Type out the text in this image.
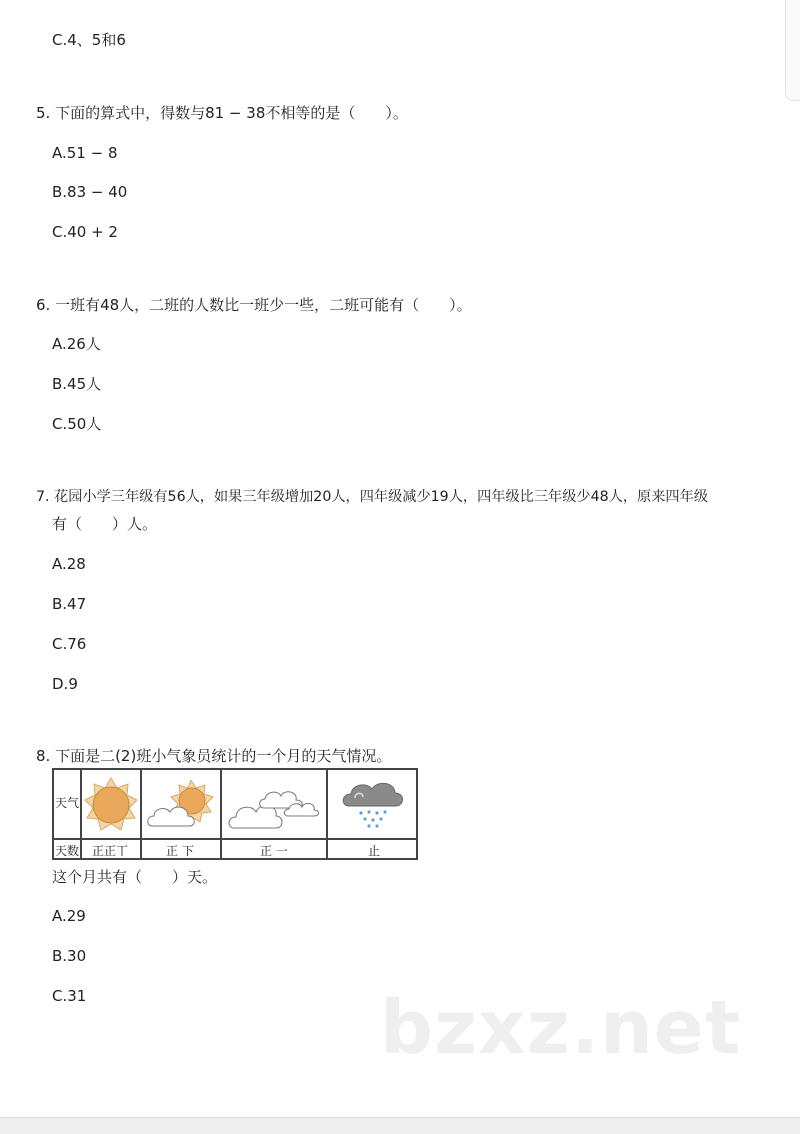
C.4、5和6
5. 下面的算式中，得数与81 − 38不相等的是（　　）。
A.51 − 8
B.83 − 40
C.40 + 2
6. 一班有48人，二班的人数比一班少一些，二班可能有（　　）。
A.26人
B.45人
C.50人
7. 花园小学三年级有56人，如果三年级增加20人，四年级减少19人，四年级比三年级少48人，原来四年级
有（　　）人。
A.28
B.47
C.76
D.9
8. 下面是二(2)班小气象员统计的一个月的天气情况。
天气
天数 正正丅	正 下	正 一	止
这个月共有（　　）天。
A.29
B.30
C.31	bzxz.net
